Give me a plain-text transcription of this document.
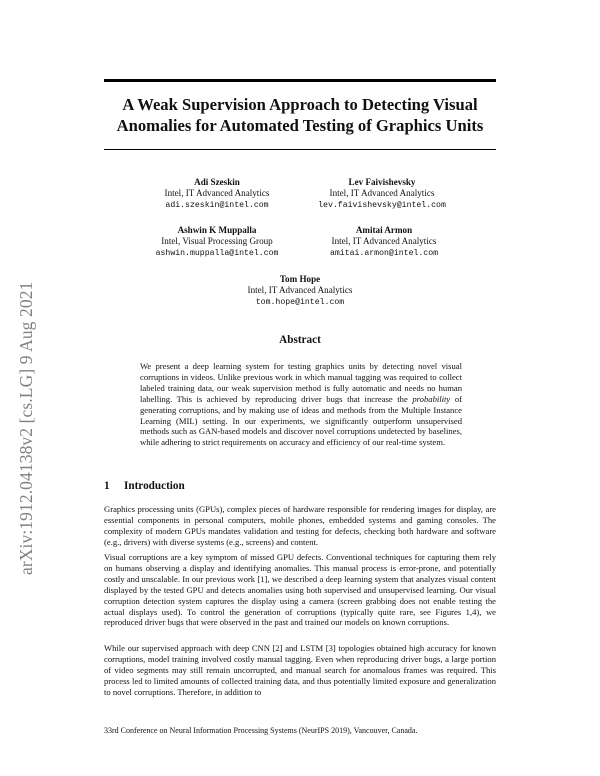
arXiv:1912.04138v2 [cs.LG] 9 Aug 2021
A Weak Supervision Approach to Detecting Visual
Anomalies for Automated Testing of Graphics Units
Adi Szeskin
Intel, IT Advanced Analytics
adi.szeskin@intel.com
Lev Faivishevsky
Intel, IT Advanced Analytics
lev.faivishevsky@intel.com
Ashwin K Muppalla
Intel, Visual Processing Group
ashwin.muppalla@intel.com
Amitai Armon
Intel, IT Advanced Analytics
amitai.armon@intel.com
Tom Hope
Intel, IT Advanced Analytics
tom.hope@intel.com
Abstract

We present a deep learning system for testing graphics units by detecting novel visual corruptions in videos. Unlike previous work in which manual tagging was required to collect labeled training data, our weak supervision method is fully automatic and needs no human labelling. This is achieved by reproducing driver bugs that increase the probability of generating corruptions, and by making use of ideas and methods from the Multiple Instance Learning (MIL) setting. In our experiments, we significantly outperform unsupervised methods such as GAN-based models and discover novel corruptions undetected by baselines, while adhering to strict requirements on accuracy and efficiency of our real-time system.

1 Introduction

Graphics processing units (GPUs), complex pieces of hardware responsible for rendering images for display, are essential components in personal computers, mobile phones, embedded systems and gaming consoles. The complexity of modern GPUs mandates validation and testing for defects, checking both hardware and software (e.g., drivers) with diverse systems (e.g., screens) and content.

Visual corruptions are a key symptom of missed GPU defects. Conventional techniques for capturing them rely on humans observing a display and identifying anomalies. This manual process is error-prone, and potentially costly and unscalable. In our previous work [1], we described a deep learning system that analyzes visual content displayed by the tested GPU and detects anomalies using both supervised and unsupervised learning. Our visual corruption detection system captures the display using a camera (screen grabbing does not enable testing the actual displays used). To control the generation of corruptions (typically quite rare, see Figures 1,4), we reproduced driver bugs that were observed in the past and trained our models on known corruptions.

While our supervised approach with deep CNN [2] and LSTM [3] topologies obtained high accuracy for known corruptions, model training involved costly manual tagging. Even when reproducing driver bugs, a large portion of video segments may still remain uncorrupted, and manual search for anomalous frames was required. This process led to limited amounts of collected training data, and thus potentially limited exposure and generalization to novel corruptions. Therefore, in addition to

33rd Conference on Neural Information Processing Systems (NeurIPS 2019), Vancouver, Canada.
